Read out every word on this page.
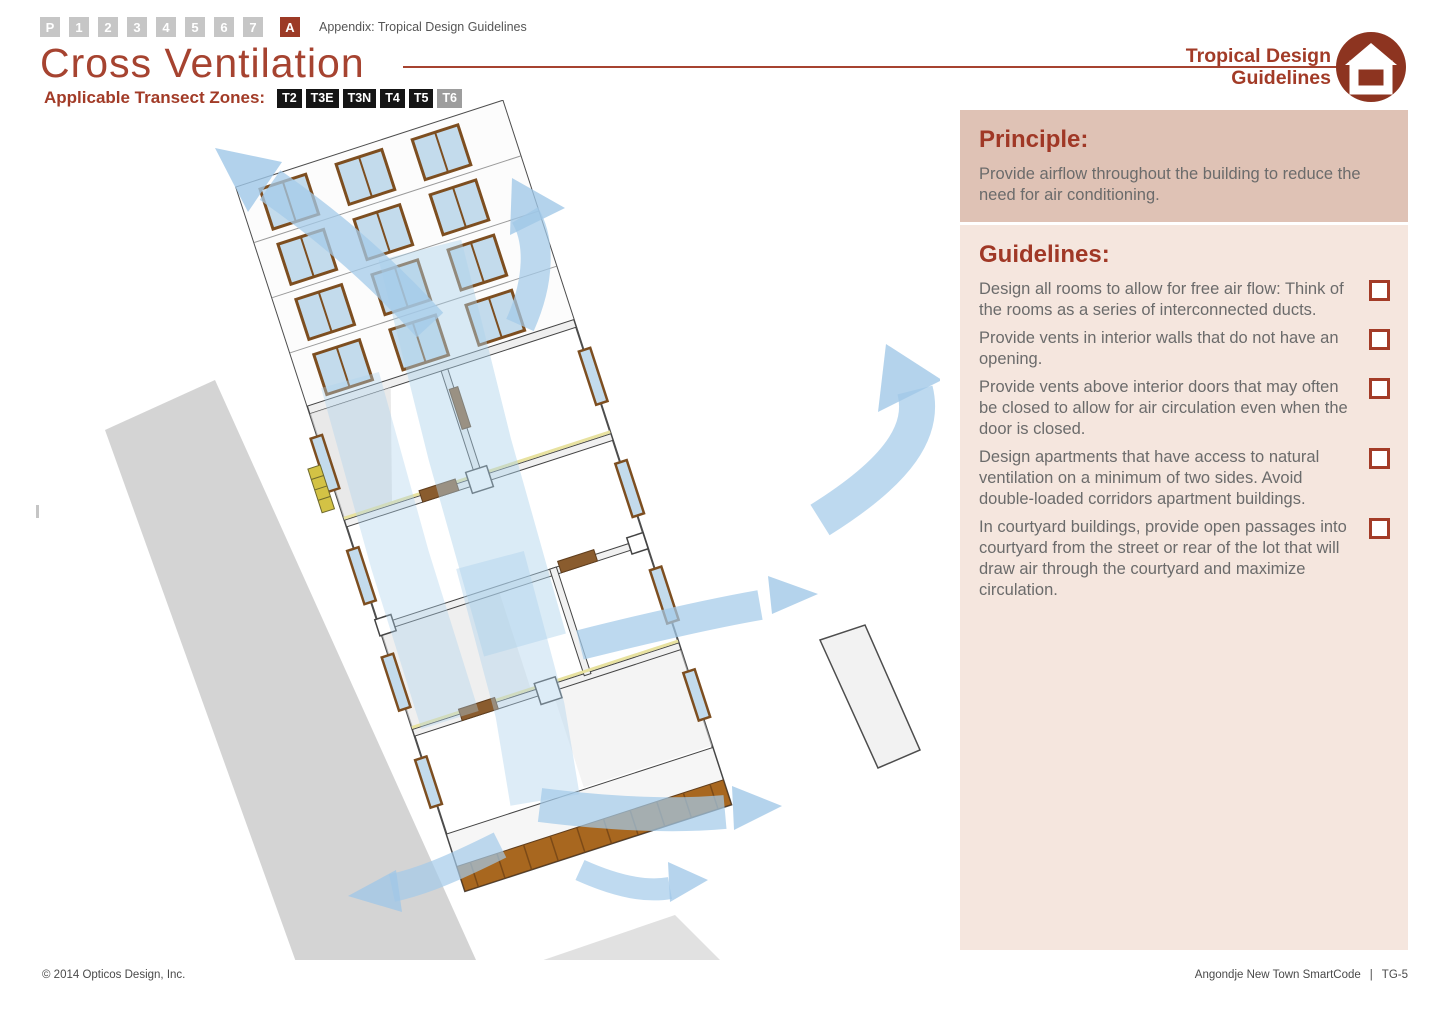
P	1	2	3	4	5	6	7	A	Appendix: Tropical Design Guidelines
Cross Ventilation
Applicable Transect Zones:	T2	T3E	T3N	T4	T5	T6
Tropical Design
Guidelines
Principle:

Provide airflow throughout the building to reduce the need for air conditioning.

Guidelines:

Design all rooms to allow for free air flow: Think of the rooms as a series of interconnected ducts.

Provide vents in interior walls that do not have an opening.

Provide vents above interior doors that may often be closed to allow for air circulation even when the door is closed.

Design apartments that have access to natural ventilation on a minimum of two sides. Avoid double-loaded corridors apartment buildings.

In courtyard buildings, provide open passages into courtyard from the street or rear of the lot that will draw air through the courtyard and maximize circulation.

© 2014 Opticos Design, Inc.	Angondje New Town SmartCode | TG-5
